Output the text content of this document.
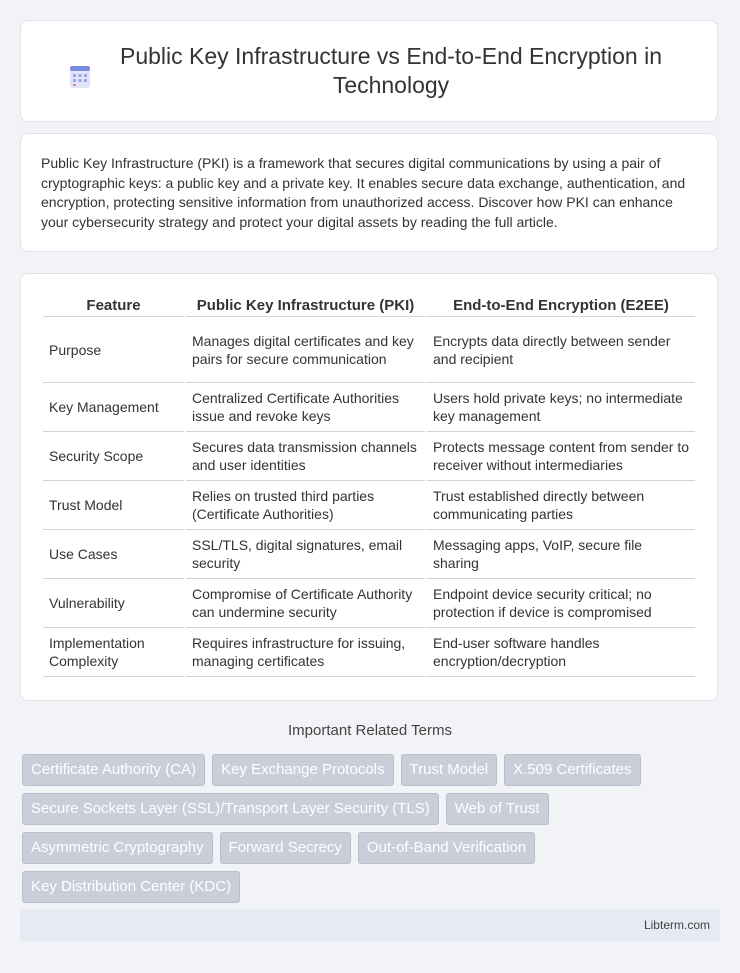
Public Key Infrastructure vs End-to-End Encryption in Technology

Public Key Infrastructure (PKI) is a framework that secures digital communications by using a pair of cryptographic keys: a public key and a private key. It enables secure data exchange, authentication, and encryption, protecting sensitive information from unauthorized access. Discover how PKI can enhance your cybersecurity strategy and protect your digital assets by reading the full article.

Feature	Public Key Infrastructure (PKI)	End-to-End Encryption (E2EE)
Purpose	Manages digital certificates and key pairs for secure communication	Encrypts data directly between sender and recipient
Key Management	Centralized Certificate Authorities issue and revoke keys	Users hold private keys; no intermediate key management
Security Scope	Secures data transmission channels and user identities	Protects message content from sender to receiver without intermediaries
Trust Model	Relies on trusted third parties (Certificate Authorities)	Trust established directly between communicating parties
Use Cases	SSL/TLS, digital signatures, email security	Messaging apps, VoIP, secure file sharing
Vulnerability	Compromise of Certificate Authority can undermine security	Endpoint device security critical; no protection if device is compromised
Implementation Complexity	Requires infrastructure for issuing, managing certificates	End-user software handles encryption/decryption
Important Related Terms
Certificate Authority (CA)	Key Exchange Protocols	Trust Model	X.509 Certificates
Secure Sockets Layer (SSL)/Transport Layer Security (TLS)	Web of Trust
Asymmetric Cryptography	Forward Secrecy	Out-of-Band Verification
Key Distribution Center (KDC)
Libterm.com
